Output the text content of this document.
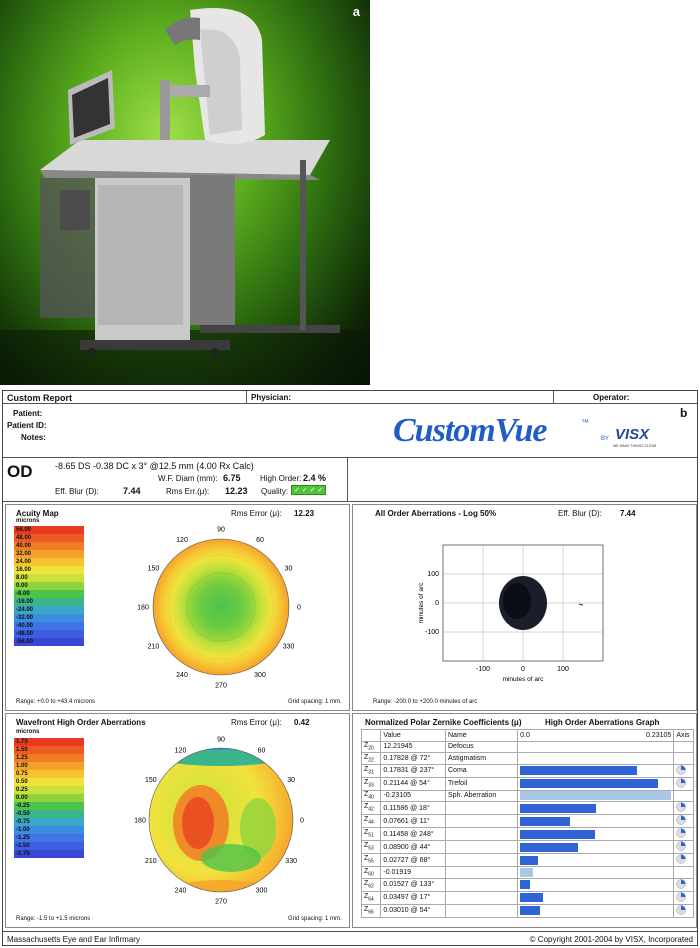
a
Custom Report	Physician:	Operator:
Patient:
Patient ID:
Notes:	CustomVue	™
BY VISX
WE MAKE THINGS CLEAR
b
OD	-8.65 DS -0.38 DC x 3° @12.5 mm (4.00 Rx Calc)
W.F. Diam (mm): 6.75 High Order: 2.4 %
Eff. Blur (D):	7.44	Rms Err.(μ): 12.23 Quality: ✓ ✓ ✓ ✓
Acuity Map	Rms Error (μ): 12.23
microns
56.00
48.00
40.00
32.00
24.00
16.00
8.00
0.00
-8.00
-16.00
-24.00
-32.00
-40.00
-48.00
-56.00
90
60
30
0
330
300
270
240
210
180
150
120
Range: +0.0 to +43.4 microns	Grid spacing: 1 mm.
All Order Aberrations - Log 50%	Eff. Blur (D): 7.44
100
0
-100
-100	0	100
minutes of arc
minutes of arc
Range: -200.0 to +200.0 minutes of arc
Wavefront High Order Aberrations	Rms Error (μ): 0.42
microns
1.75
1.50
1.25
1.00
0.75
0.50
0.25
0.00
-0.25
-0.50
-0.75
-1.00
-1.25
-1.50
-1.75
90
60
30
0
330
300
270
240
210
180
150
120
Range: -1.5 to +1.5 microns	Grid spacing: 1 mm.
Normalized Polar Zernike Coefficients (μ)	High Order Aberrations Graph
	Value	Name	0.0 0.23105	Axis
$Z_{20}$	12.21945	Defocus		
$Z_{22}$	0.17828 @ 72°	Astigmatism		
$Z_{31}$	0.17831 @ 237°	Coma	

$Z_{33}$	0.21144 @ 54°	Trefoil	

$Z_{40}$	-0.23105	Sph. Aberration	

$Z_{42}$	0.11586 @ 18°		

$Z_{44}$	0.07661 @ 11°		

$Z_{51}$	0.11458 @ 248°		

$Z_{53}$	0.08900 @ 44°		

$Z_{55}$	0.02727 @ 68°		

$Z_{60}$	-0.01919		

$Z_{62}$	0.01527 @ 133°		

$Z_{64}$	0.03497 @ 17°		

$Z_{66}$	0.03010 @ 54°		

Massachusetts Eye and Ear Infirmary	© Copyright 2001-2004 by VISX, Incorporated
